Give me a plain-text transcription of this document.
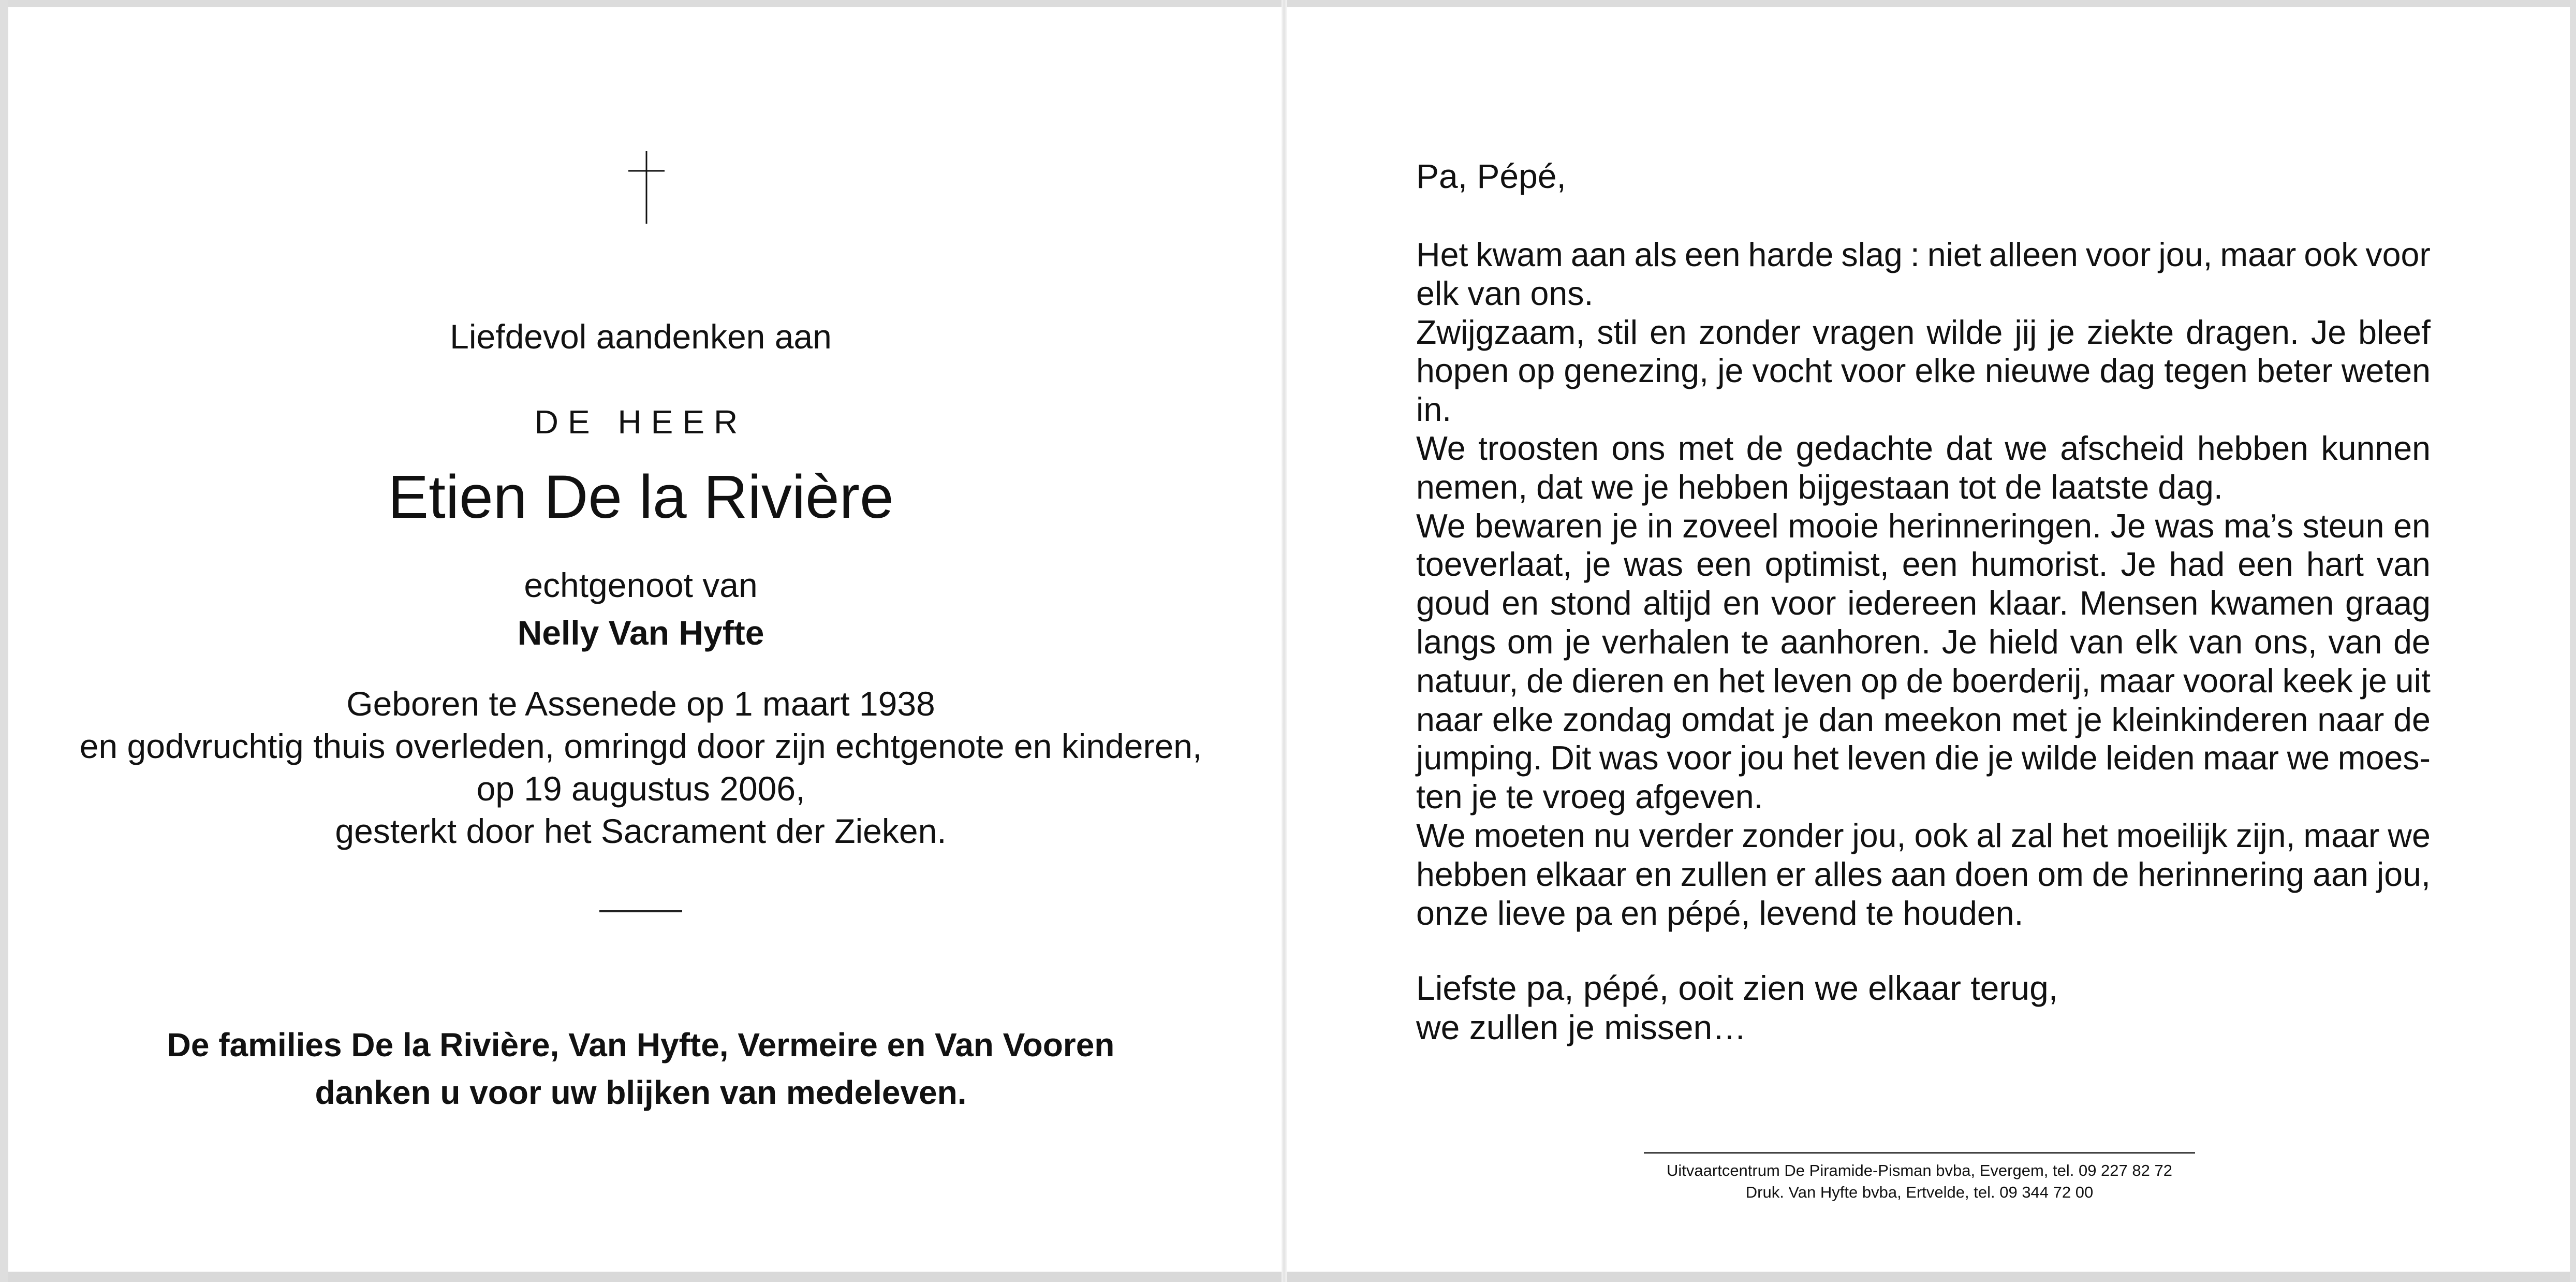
Liefdevol aandenken aan
DE HEER
Etien De la Rivière
echtgenoot van
Nelly Van Hyfte
Geboren te Assenede op 1 maart 1938
en godvruchtig thuis overleden, omringd door zijn echtgenote en kinderen,
op 19 augustus 2006,
gesterkt door het Sacrament der Zieken.
De families De la Rivière, Van Hyfte, Vermeire en Van Vooren
danken u voor uw blijken van medeleven.
Pa, Pépé,
Het kwam aan als een harde slag : niet alleen voor jou, maar ook voor
elk van ons.
Zwijgzaam, stil en zonder vragen wilde jij je ziekte dragen. Je bleef
hopen op genezing, je vocht voor elke nieuwe dag tegen beter weten
in.
We troosten ons met de gedachte dat we afscheid hebben kunnen
nemen, dat we je hebben bijgestaan tot de laatste dag.
We bewaren je in zoveel mooie herinneringen. Je was ma’s steun en
toeverlaat, je was een optimist, een humorist. Je had een hart van
goud en stond altijd en voor iedereen klaar. Mensen kwamen graag
langs om je verhalen te aanhoren. Je hield van elk van ons, van de
natuur, de dieren en het leven op de boerderij, maar vooral keek je uit
naar elke zondag omdat je dan meekon met je kleinkinderen naar de
jumping. Dit was voor jou het leven die je wilde leiden maar we moes-
ten je te vroeg afgeven.
We moeten nu verder zonder jou, ook al zal het moeilijk zijn, maar we
hebben elkaar en zullen er alles aan doen om de herinnering aan jou,
onze lieve pa en pépé, levend te houden.
Liefste pa, pépé, ooit zien we elkaar terug,
we zullen je missen…
Uitvaartcentrum De Piramide-Pisman bvba, Evergem, tel. 09 227 82 72
Druk. Van Hyfte bvba, Ertvelde, tel. 09 344 72 00
